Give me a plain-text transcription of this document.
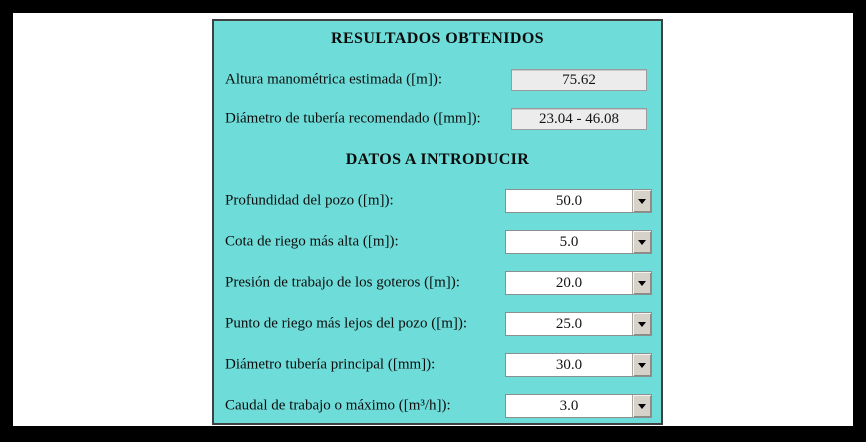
RESULTADOS OBTENIDOS
Altura manométrica estimada ([m]):	75.62
Diámetro de tubería recomendado ([mm]):	23.04 - 46.08
DATOS A INTRODUCIR
Profundidad del pozo ([m]):	50.0
Cota de riego más alta ([m]):	5.0
Presión de trabajo de los goteros ([m]):	20.0
Punto de riego más lejos del pozo ([m]):	25.0
Diámetro tubería principal ([mm]):	30.0
Caudal de trabajo o máximo ([m³/h]):	3.0
